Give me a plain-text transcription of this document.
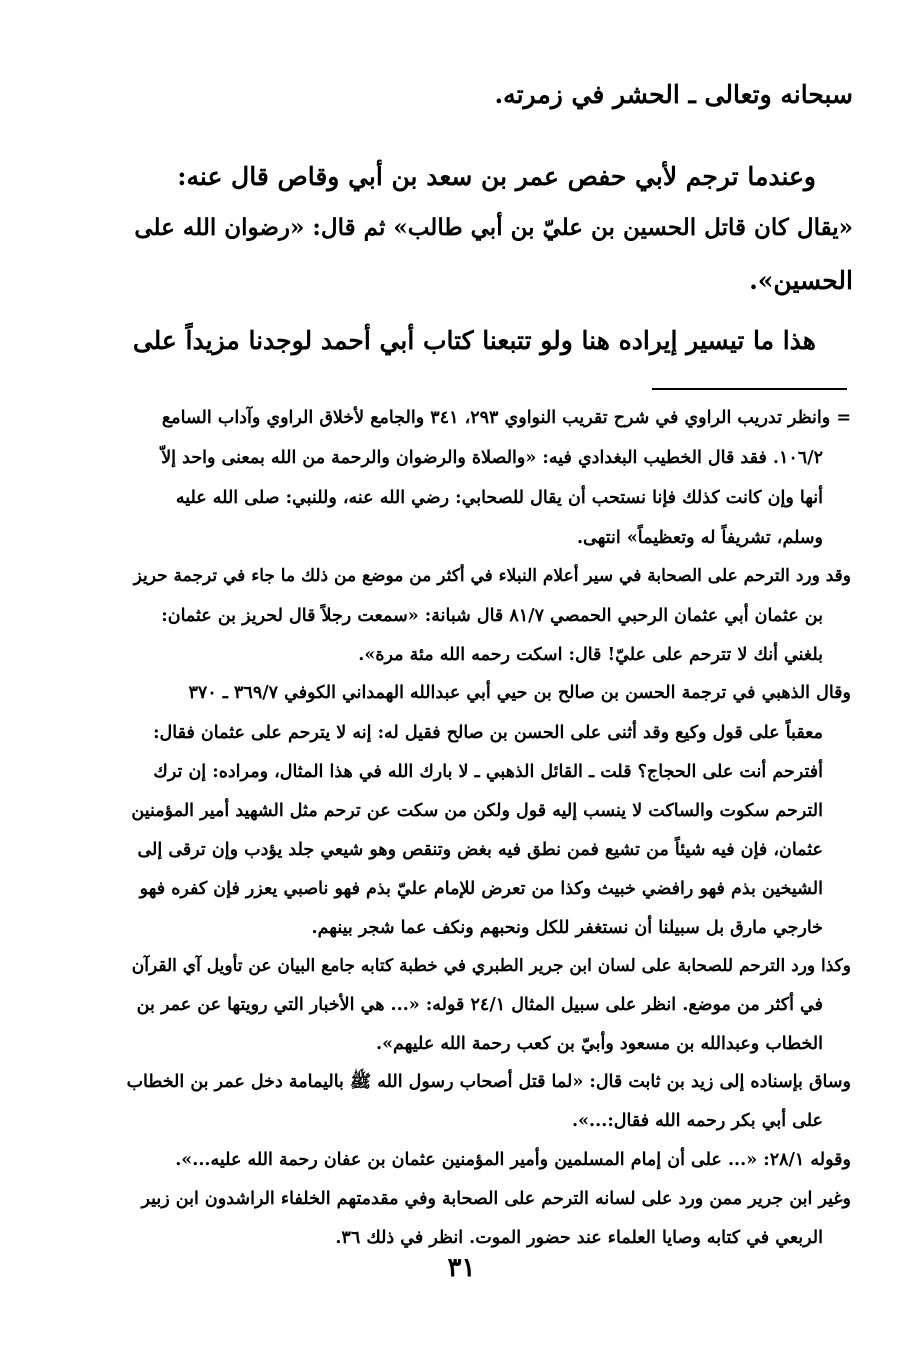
سبحانه وتعالى ـ الحشر في زمرته.
وعندما ترجم لأبي حفص عمر بن سعد بن أبي وقاص قال عنه:
«يقال كان قاتل الحسين بن عليّ بن أبي طالب» ثم قال: «رضوان الله على
الحسين».
هذا ما تيسير إيراده هنا ولو تتبعنا كتاب أبي أحمد لوجدنا مزيداً على
= وانظر تدريب الراوي في شرح تقريب النواوي ٢٩٣، ٣٤١ والجامع لأخلاق الراوي وآداب السامع
١٠٦/٢. فقد قال الخطيب البغدادي فيه: «والصلاة والرضوان والرحمة من الله بمعنى واحد إلاّ
أنها وإن كانت كذلك فإنا نستحب أن يقال للصحابي: رضي الله عنه، وللنبي: صلى الله عليه
وسلم، تشريفاً له وتعظيماً» انتهى.
وقد ورد الترحم على الصحابة في سير أعلام النبلاء في أكثر من موضع من ذلك ما جاء في ترجمة حريز
بن عثمان أبي عثمان الرحبي الحمصي ٨١/٧ قال شبانة: «سمعت رجلاً قال لحريز بن عثمان:
بلغني أنك لا تترحم على عليّ! قال: اسكت رحمه الله مئة مرة».
وقال الذهبي في ترجمة الحسن بن صالح بن حيي أبي عبدالله الهمداني الكوفي ٣٦٩/٧ ـ ٣٧٠
معقباً على قول وكيع وقد أثنى على الحسن بن صالح فقيل له: إنه لا يترحم على عثمان فقال:
أفترحم أنت على الحجاج؟ قلت ـ القائل الذهبي ـ لا بارك الله في هذا المثال، ومراده: إن ترك
الترحم سكوت والساكت لا ينسب إليه قول ولكن من سكت عن ترحم مثل الشهيد أمير المؤمنين
عثمان، فإن فيه شيئاً من تشيع فمن نطق فيه بغض وتنقص وهو شيعي جلد يؤدب وإن ترقى إلى
الشيخين بذم فهو رافضي خبيث وكذا من تعرض للإمام عليّ بذم فهو ناصبي يعزر فإن كفره فهو
خارجي مارق بل سبيلنا أن نستغفر للكل ونحبهم ونكف عما شجر بينهم.
وكذا ورد الترحم للصحابة على لسان ابن جرير الطبري في خطبة كتابه جامع البيان عن تأويل آي القرآن
في أكثر من موضع. انظر على سبيل المثال ٢٤/١ قوله: «... هي الأخبار التي رويتها عن عمر بن
الخطاب وعبدالله بن مسعود وأبيّ بن كعب رحمة الله عليهم».
وساق بإسناده إلى زيد بن ثابت قال: «لما قتل أصحاب رسول الله ﷺ باليمامة دخل عمر بن الخطاب
على أبي بكر رحمه الله فقال:...».
وقوله ٢٨/١: «... على أن إمام المسلمين وأمير المؤمنين عثمان بن عفان رحمة الله عليه...».
وغير ابن جرير ممن ورد على لسانه الترحم على الصحابة وفي مقدمتهم الخلفاء الراشدون ابن زبير
الربعي في كتابه وصايا العلماء عند حضور الموت. انظر في ذلك ٣٦.
٣١
